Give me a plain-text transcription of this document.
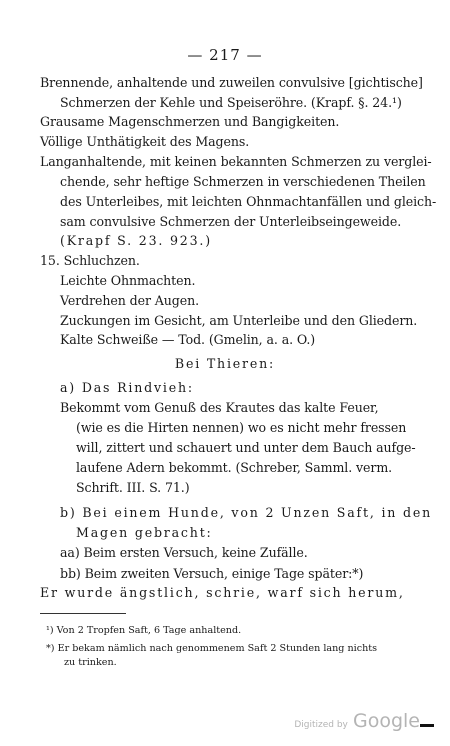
— 217 —
Brennende, anhaltende und zuweilen convulsive [gichtische]
Schmerzen der Kehle und Speiseröhre. (Krapf. §. 24.¹)
Grausame Magenschmerzen und Bangigkeiten.
Völlige Unthätigkeit des Magens.
Langanhaltende, mit keinen bekannten Schmerzen zu verglei-
chende, sehr heftige Schmerzen in verschiedenen Theilen
des Unterleibes, mit leichten Ohnmachtanfällen und gleich-
sam convulsive Schmerzen der Unterleibseingeweide.
(Krapf S. 23. 923.)
15. Schluchzen.
Leichte Ohnmachten.
Verdrehen der Augen.
Zuckungen im Gesicht, am Unterleibe und den Gliedern.
Kalte Schweiße — Tod. (Gmelin, a. a. O.)
Bei Thieren:
a) Das Rindvieh:
Bekommt vom Genuß des Krautes das kalte Feuer,
(wie es die Hirten nennen) wo es nicht mehr fressen
will, zittert und schauert und unter dem Bauch aufge-
laufene Adern bekommt. (Schreber, Samml. verm.
Schrift. III. S. 71.)
b) Bei einem Hunde, von 2 Unzen Saft, in den
Magen gebracht:
aa) Beim ersten Versuch, keine Zufälle.
bb) Beim zweiten Versuch, einige Tage später:*)
Er wurde ängstlich, schrie, warf sich herum,
¹) Von 2 Tropfen Saft, 6 Tage anhaltend.
*) Er bekam nämlich nach genommenem Saft 2 Stunden lang nichts
zu trinken.
Digitized by Google
